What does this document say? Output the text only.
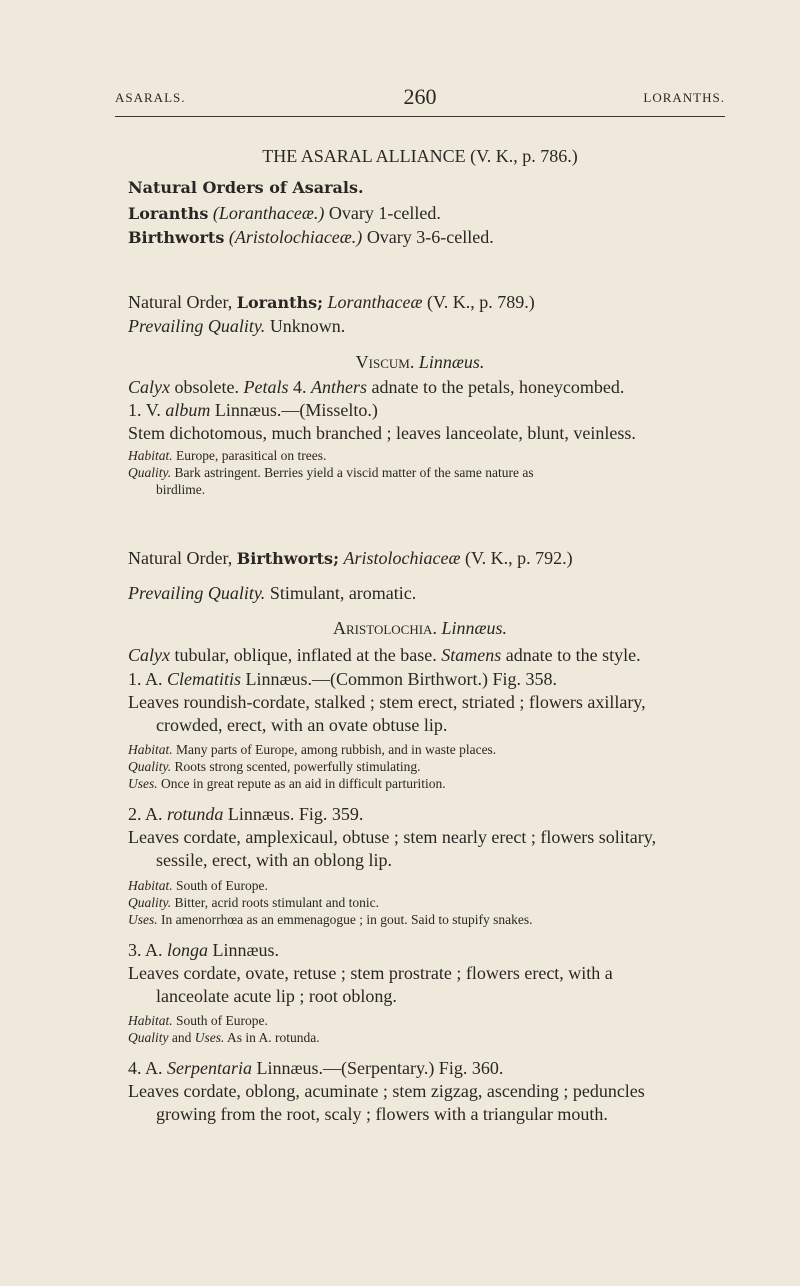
ASARALS.	260	LORANTHS.
THE ASARAL ALLIANCE (V. K., p. 786.)
Natural Orders of Asarals.
Loranths (Loranthaceæ.) Ovary 1-celled.
Birthworts (Aristolochiaceæ.) Ovary 3-6-celled.
Natural Order, Loranths; Loranthaceæ (V. K., p. 789.)
Prevailing Quality. Unknown.
Viscum. Linnæus.
Calyx obsolete. Petals 4. Anthers adnate to the petals, honeycombed.
1. V. album Linnæus.—(Misselto.)
Stem dichotomous, much branched ; leaves lanceolate, blunt, veinless.
Habitat. Europe, parasitical on trees.
Quality. Bark astringent. Berries yield a viscid matter of the same nature as
birdlime.
Natural Order, Birthworts; Aristolochiaceæ (V. K., p. 792.)
Prevailing Quality. Stimulant, aromatic.
Aristolochia. Linnæus.
Calyx tubular, oblique, inflated at the base. Stamens adnate to the style.
1. A. Clematitis Linnæus.—(Common Birthwort.) Fig. 358.
Leaves roundish-cordate, stalked ; stem erect, striated ; flowers axillary,
crowded, erect, with an ovate obtuse lip.
Habitat. Many parts of Europe, among rubbish, and in waste places.
Quality. Roots strong scented, powerfully stimulating.
Uses. Once in great repute as an aid in difficult parturition.
2. A. rotunda Linnæus. Fig. 359.
Leaves cordate, amplexicaul, obtuse ; stem nearly erect ; flowers solitary,
sessile, erect, with an oblong lip.
Habitat. South of Europe.
Quality. Bitter, acrid roots stimulant and tonic.
Uses. In amenorrhœa as an emmenagogue ; in gout. Said to stupify snakes.
3. A. longa Linnæus.
Leaves cordate, ovate, retuse ; stem prostrate ; flowers erect, with a
lanceolate acute lip ; root oblong.
Habitat. South of Europe.
Quality and Uses. As in A. rotunda.
4. A. Serpentaria Linnæus.—(Serpentary.) Fig. 360.
Leaves cordate, oblong, acuminate ; stem zigzag, ascending ; peduncles
growing from the root, scaly ; flowers with a triangular mouth.
